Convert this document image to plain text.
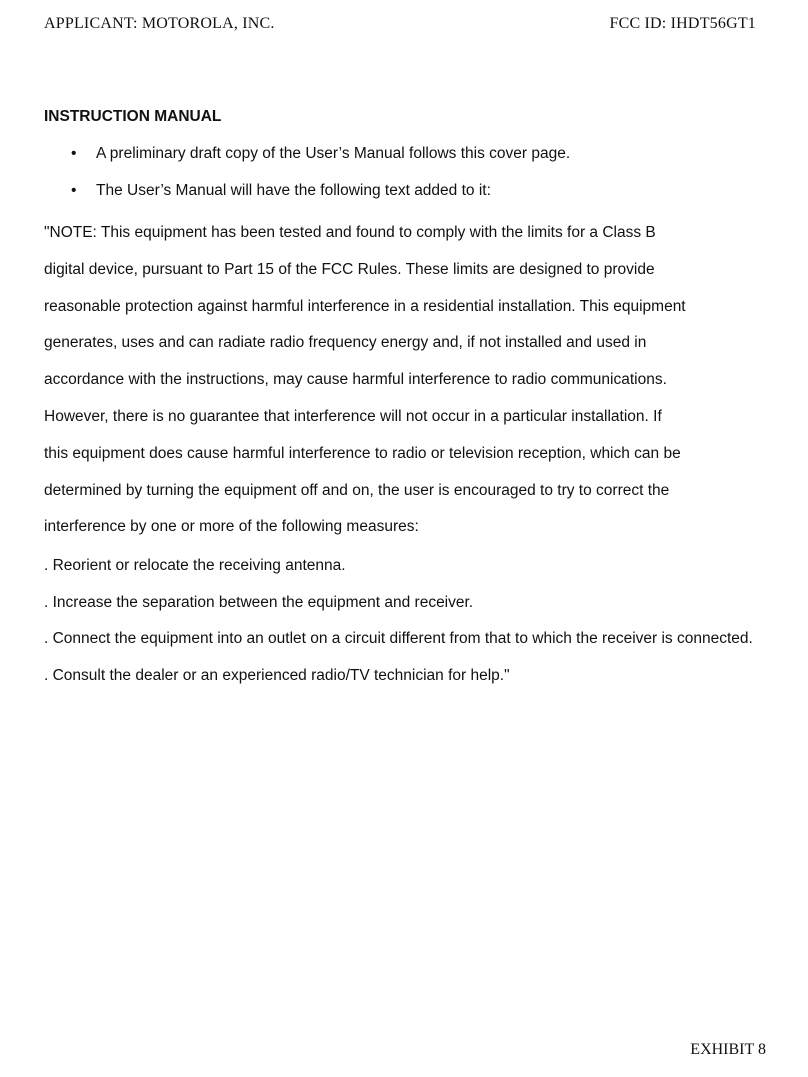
APPLICANT: MOTOROLA, INC.	FCC ID: IHDT56GT1
INSTRUCTION MANUAL
• A preliminary draft copy of the User’s Manual follows this cover page.
• The User’s Manual will have the following text added to it:
"NOTE: This equipment has been tested and found to comply with the limits for a Class B
digital device, pursuant to Part 15 of the FCC Rules. These limits are designed to provide
reasonable protection against harmful interference in a residential installation. This equipment
generates, uses and can radiate radio frequency energy and, if not installed and used in
accordance with the instructions, may cause harmful interference to radio communications.
However, there is no guarantee that interference will not occur in a particular installation. If
this equipment does cause harmful interference to radio or television reception, which can be
determined by turning the equipment off and on, the user is encouraged to try to correct the
interference by one or more of the following measures:
. Reorient or relocate the receiving antenna.
. Increase the separation between the equipment and receiver.
. Connect the equipment into an outlet on a circuit different from that to which the receiver is connected.
. Consult the dealer or an experienced radio/TV technician for help."
EXHIBIT 8
